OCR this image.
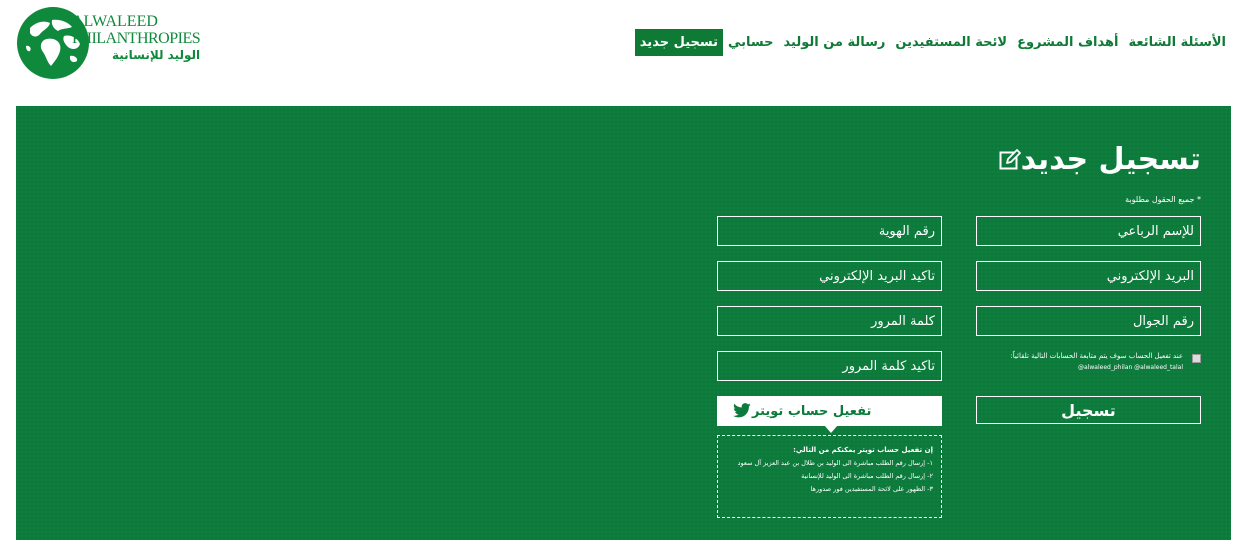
ALWALEED
PHILANTHROPIES
الوليد للإنسانية
تسجيل جديد حسابي رسالة من الوليد لائحة المستفيدين أهداف المشروع الأسئلة الشائعة
تسجيل جديد
* جميع الحقول مطلوبة
للإسم الرباعي
البريد الإلكتروني
رقم الجوال
رقم الهوية
تأكيد البريد الإلكتروني
عند تفعيل الحساب سوف يتم متابعة الحسابات التالية تلقائياً:
@alwaleed_philan @alwaleed_talal
تسجيل
تفعيل حساب تويتر
إن تفعيل حساب تويتر يمكنكم من التالي:
١- إرسال رقم الطلب مباشرة الى الوليد بن طلال بن عبد العزيز آل سعود
٢- إرسال رقم الطلب مباشرة الى الوليد للإنسانية
٣- الظهور على لائحة المستفيدين فور صدورها
